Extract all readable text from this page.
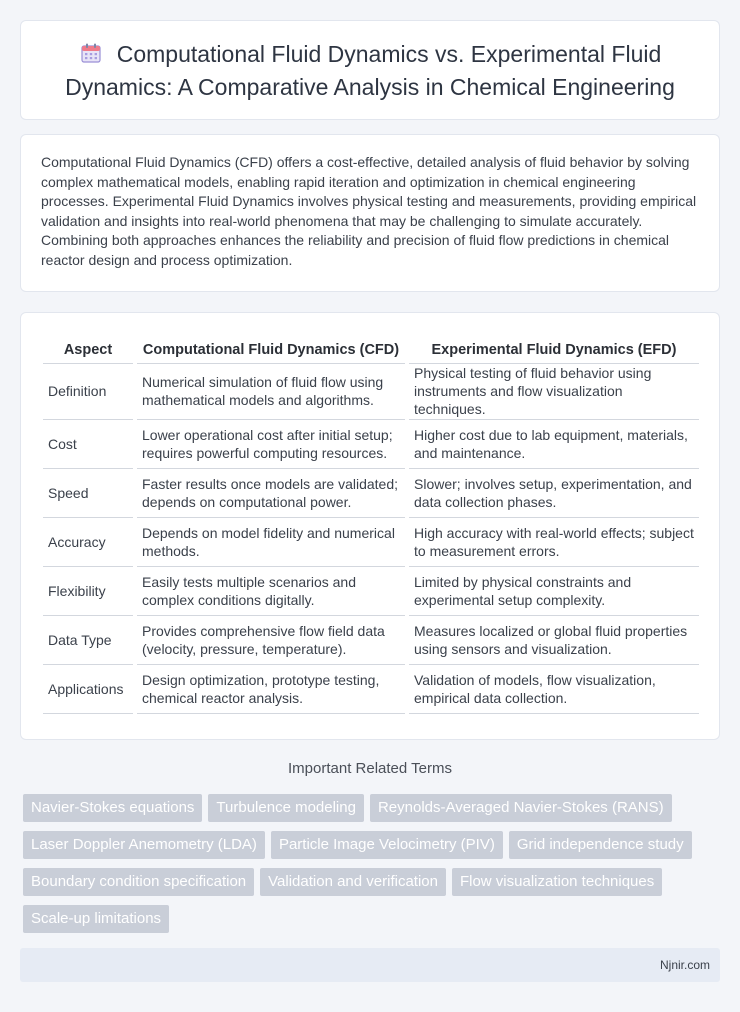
Computational Fluid Dynamics vs. Experimental Fluid Dynamics: A Comparative Analysis in Chemical Engineering

Computational Fluid Dynamics (CFD) offers a cost-effective, detailed analysis of fluid behavior by solving complex mathematical models, enabling rapid iteration and optimization in chemical engineering processes. Experimental Fluid Dynamics involves physical testing and measurements, providing empirical validation and insights into real-world phenomena that may be challenging to simulate accurately. Combining both approaches enhances the reliability and precision of fluid flow predictions in chemical reactor design and process optimization.

Aspect	Computational Fluid Dynamics (CFD)	Experimental Fluid Dynamics (EFD)
Definition	Numerical simulation of fluid flow using mathematical models and algorithms.	Physical testing of fluid behavior using instruments and flow visualization techniques.
Cost	Lower operational cost after initial setup; requires powerful computing resources.	Higher cost due to lab equipment, materials, and maintenance.
Speed	Faster results once models are validated; depends on computational power.	Slower; involves setup, experimentation, and data collection phases.
Accuracy	Depends on model fidelity and numerical methods.	High accuracy with real-world effects; subject to measurement errors.
Flexibility	Easily tests multiple scenarios and complex conditions digitally.	Limited by physical constraints and experimental setup complexity.
Data Type	Provides comprehensive flow field data (velocity, pressure, temperature).	Measures localized or global fluid properties using sensors and visualization.
Applications	Design optimization, prototype testing, chemical reactor analysis.	Validation of models, flow visualization, empirical data collection.
Important Related Terms
Navier-Stokes equations	Turbulence modeling	Reynolds-Averaged Navier-Stokes (RANS)
Laser Doppler Anemometry (LDA)	Particle Image Velocimetry (PIV)	Grid independence study
Boundary condition specification	Validation and verification	Flow visualization techniques
Scale-up limitations
Njnir.com
